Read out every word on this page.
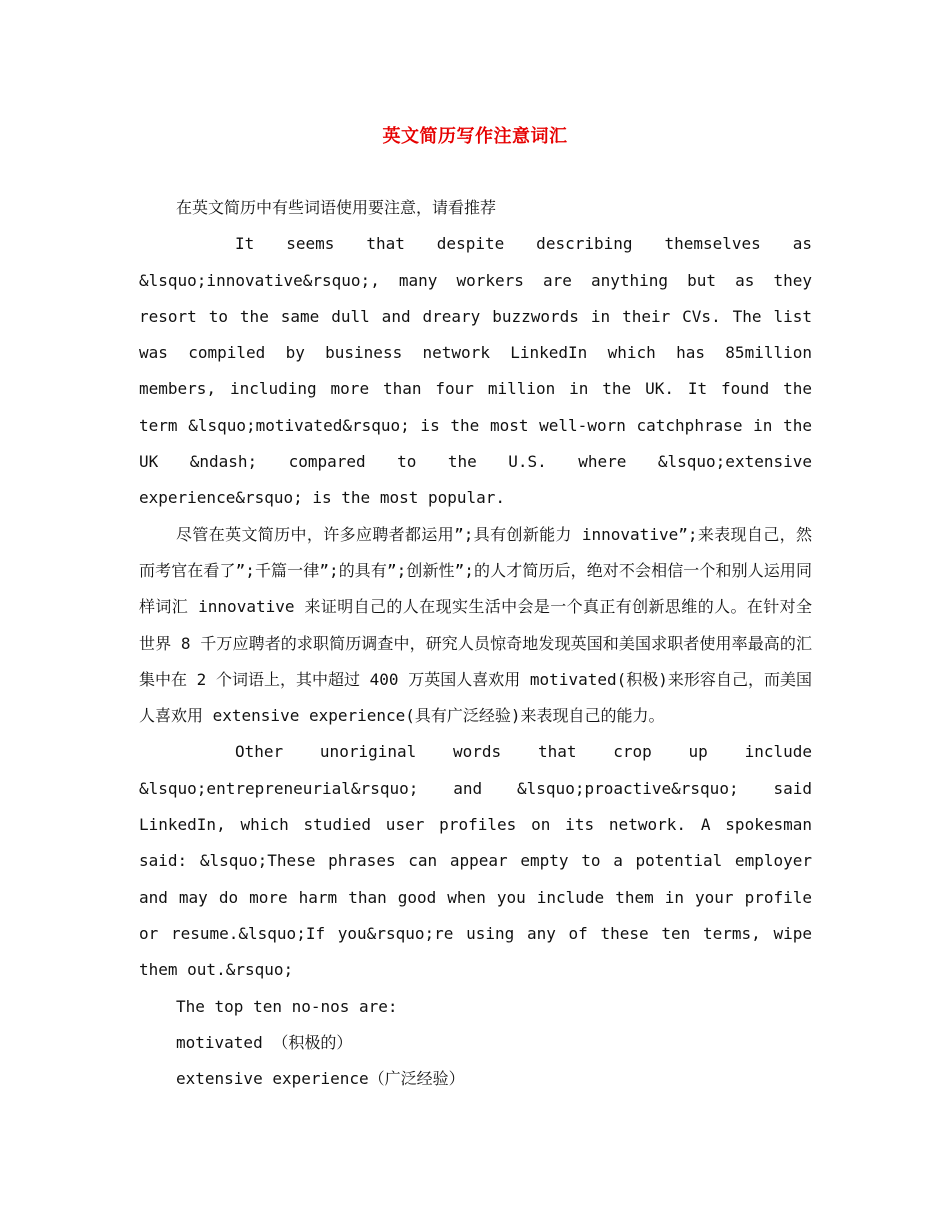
英文简历写作注意词汇

在英文简历中有些词语使用要注意，请看推荐

It seems that despite describing themselves as &lsquo;innovative&rsquo;, many workers are anything but as they resort to the same dull and dreary buzzwords in their CVs. The list was compiled by business network LinkedIn which has 85million members, including more than four million in the UK. It found the term &lsquo;motivated&rsquo; is the most well-worn catchphrase in the UK &ndash; compared to the U.S. where &lsquo;extensive experience&rsquo; is the most popular.

尽管在英文简历中，许多应聘者都运用”;具有创新能力 innovative”;来表现自己，然而考官在看了”;千篇一律”;的具有”;创新性”;的人才简历后，绝对不会相信一个和别人运用同样词汇 innovative 来证明自己的人在现实生活中会是一个真正有创新思维的人。在针对全世界 8 千万应聘者的求职简历调查中，研究人员惊奇地发现英国和美国求职者使用率最高的汇集中在 2 个词语上，其中超过 400 万英国人喜欢用 motivated(积极)来形容自己，而美国人喜欢用 extensive experience(具有广泛经验)来表现自己的能力。

Other unoriginal words that crop up include &lsquo;entrepreneurial&rsquo; and &lsquo;proactive&rsquo; said LinkedIn, which studied user profiles on its network. A spokesman said: &lsquo;These phrases can appear empty to a potential employer and may do more harm than good when you include them in your profile or resume.&lsquo;If you&rsquo;re using any of these ten terms, wipe them out.&rsquo;

The top ten no-nos are:

motivated （积极的）

extensive experience（广泛经验）
